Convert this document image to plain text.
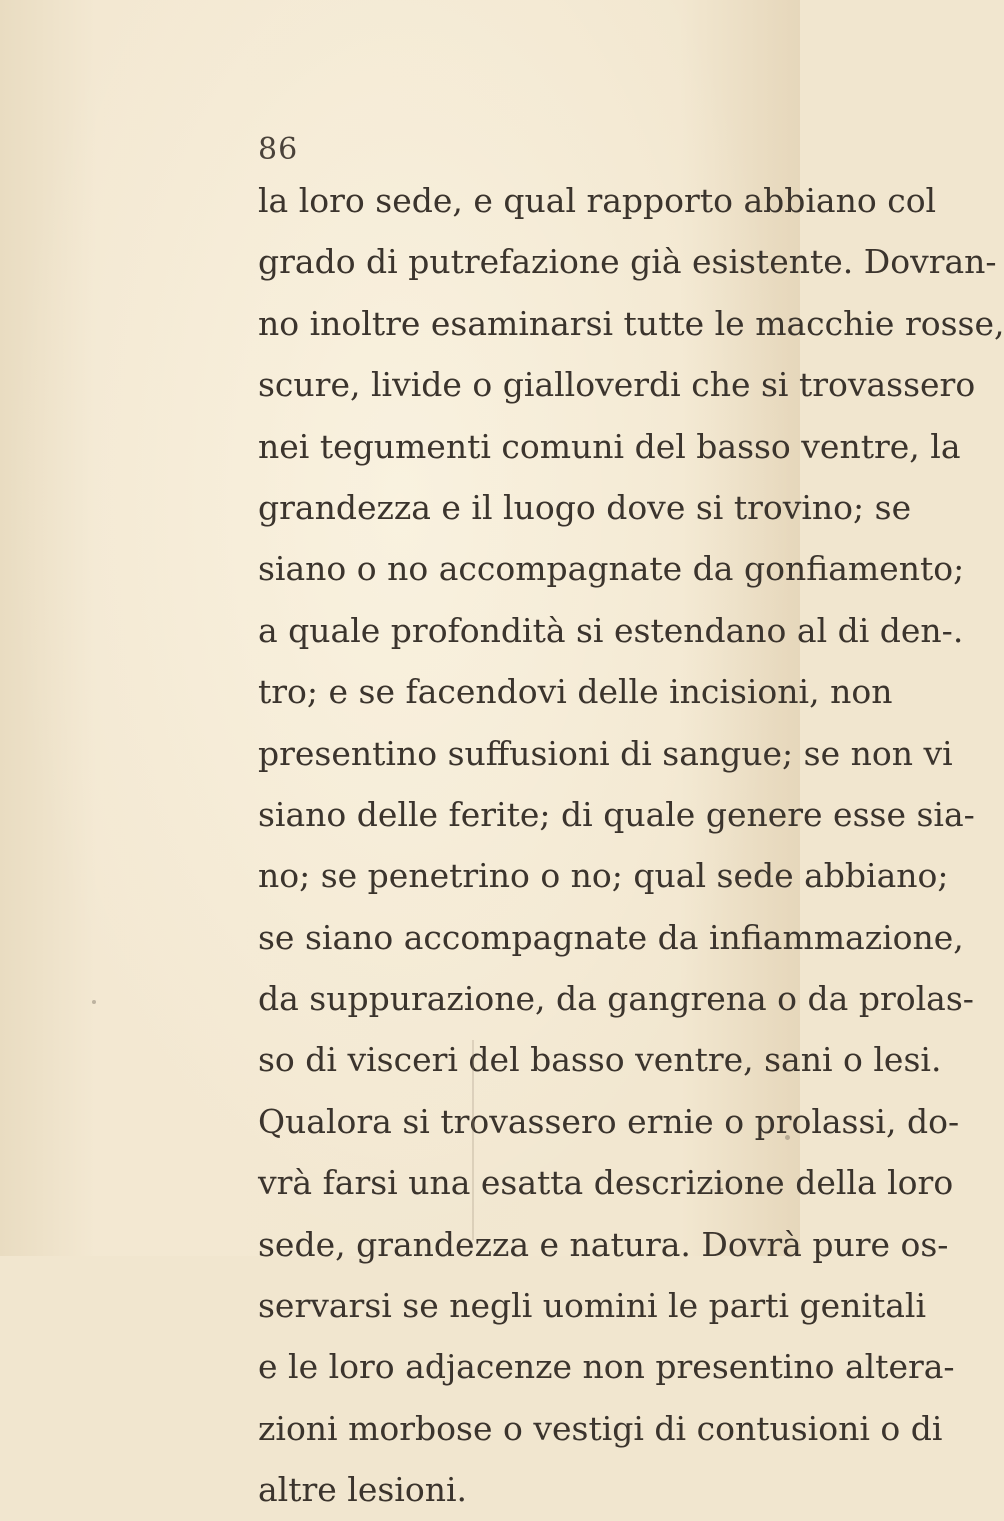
86
la loro sede, e qual rapporto abbiano col
grado di putrefazione già esistente. Dovran-
no inoltre esaminarsi tutte le macchie rosse,
scure, livide o gialloverdi che si trovassero
nei tegumenti comuni del basso ventre, la
grandezza e il luogo dove si trovino; se
siano o no accompagnate da gonfiamento;
a quale profondità si estendano al di den-.
tro; e se facendovi delle incisioni, non
presentino suffusioni di sangue; se non vi
siano delle ferite; di quale genere esse sia-
no; se penetrino o no; qual sede abbiano;
se siano accompagnate da infiammazione,
da suppurazione, da gangrena o da prolas-
so di visceri del basso ventre, sani o lesi.
Qualora si trovassero ernie o prolassi, do-
vrà farsi una esatta descrizione della loro
sede, grandezza e natura. Dovrà pure os-
servarsi se negli uomini le parti genitali
e le loro adjacenze non presentino altera-
zioni morbose o vestigi di contusioni o di
altre lesioni.
